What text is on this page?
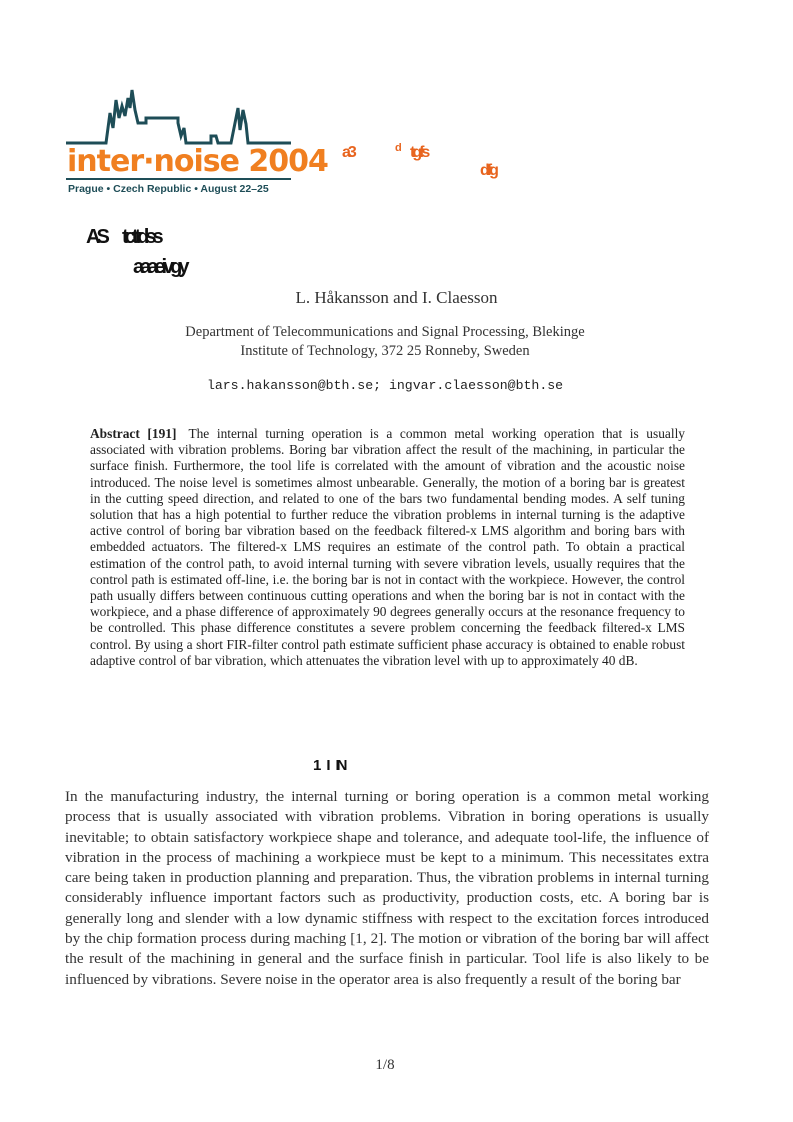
inter·noise 2004
Prague • Czech Republic • August 22–25
a3	d tgfs
dfg
AS tcttdss
aaaeivgy
L. Håkansson and I. Claesson
Department of Telecommunications and Signal Processing, Blekinge
Institute of Technology, 372 25 Ronneby, Sweden
lars.hakansson@bth.se; ingvar.claesson@bth.se
Abstract [191] The internal turning operation is a common metal working operation that is usually associated with vibration problems. Boring bar vibration affect the result of the machining, in particular the surface finish. Furthermore, the tool life is correlated with the amount of vibration and the acoustic noise introduced. The noise level is sometimes almost unbearable. Generally, the motion of a boring bar is greatest in the cutting speed direction, and related to one of the bars two fundamental bending modes. A self tuning solution that has a high potential to further reduce the vibration problems in internal turning is the adaptive active control of boring bar vibration based on the feedback filtered-x LMS algorithm and boring bars with embedded actuators. The filtered-x LMS requires an estimate of the control path. To obtain a practical estimation of the control path, to avoid internal turning with severe vibration levels, usually requires that the control path is estimated off-line, i.e. the boring bar is not in contact with the workpiece. However, the control path usually differs between continuous cutting operations and when the boring bar is not in contact with the workpiece, and a phase difference of approximately 90 degrees generally occurs at the resonance frequency to be controlled. This phase difference constitutes a severe problem concerning the feedback filtered-x LMS control. By using a short FIR-filter control path estimate sufficient phase accuracy is obtained to enable robust adaptive control of bar vibration, which attenuates the vibration level with up to approximately 40 dB.
1 I IN
In the manufacturing industry, the internal turning or boring operation is a common metal working process that is usually associated with vibration problems. Vibration in boring operations is usually inevitable; to obtain satisfactory workpiece shape and tolerance, and adequate tool-life, the influence of vibration in the process of machining a workpiece must be kept to a minimum. This necessitates extra care being taken in production planning and preparation. Thus, the vibration problems in internal turning considerably influence important factors such as productivity, production costs, etc. A boring bar is generally long and slender with a low dynamic stiffness with respect to the excitation forces introduced by the chip formation process during maching [1, 2]. The motion or vibration of the boring bar will affect the result of the machining in general and the surface finish in particular. Tool life is also likely to be influenced by vibrations. Severe noise in the operator area is also frequently a result of the boring bar
1/8
